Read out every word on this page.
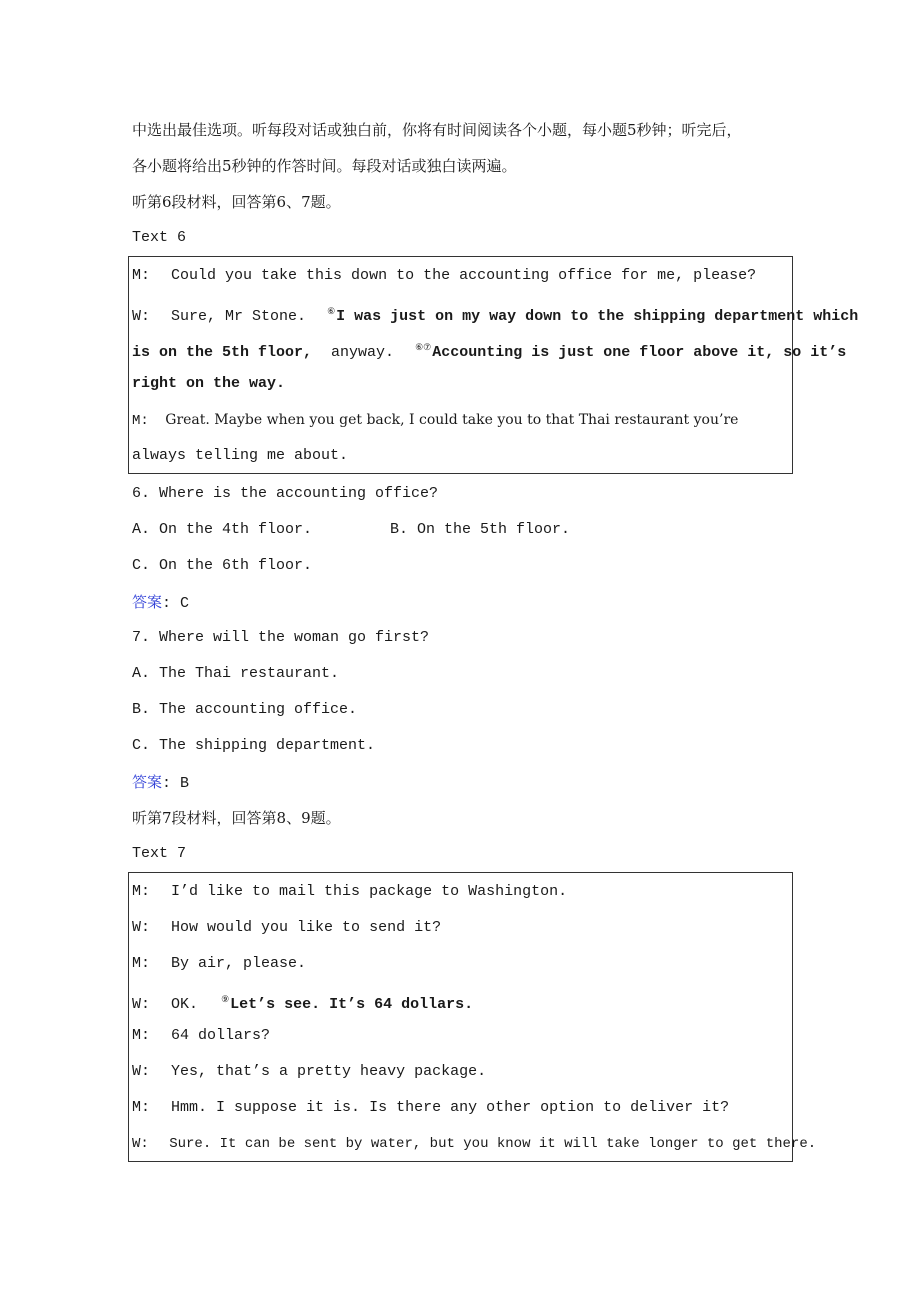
中选出最佳选项。听每段对话或独白前，你将有时间阅读各个小题，每小题5秒钟；听完后，
各小题将给出5秒钟的作答时间。每段对话或独白读两遍。
听第6段材料，回答第6、7题。
Text 6
M: Could you take this down to the accounting office for me, please?
W: Sure, Mr Stone. ⑥I was just on my way down to the shipping department which
is on the 5th floor, anyway. ⑥⑦Accounting is just one floor above it, so it’s
right on the way.
M: Great. Maybe when you get back, I could take you to that Thai restaurant you’re
always telling me about.
6. Where is the accounting office?
A. On the 4th floor.	B. On the 5th floor.
C. On the 6th floor.
答案: C
7. Where will the woman go first?
A. The Thai restaurant.
B. The accounting office.
C. The shipping department.
答案: B
听第7段材料，回答第8、9题。
Text 7
M: I’d like to mail this package to Washington.
W: How would you like to send it?
M: By air, please.
W: OK.	⑨Let’s see. It’s 64 dollars.
M: 64 dollars?
W: Yes, that’s a pretty heavy package.
M: Hmm. I suppose it is. Is there any other option to deliver it?
W: Sure. It can be sent by water, but you know it will take longer to get there.
